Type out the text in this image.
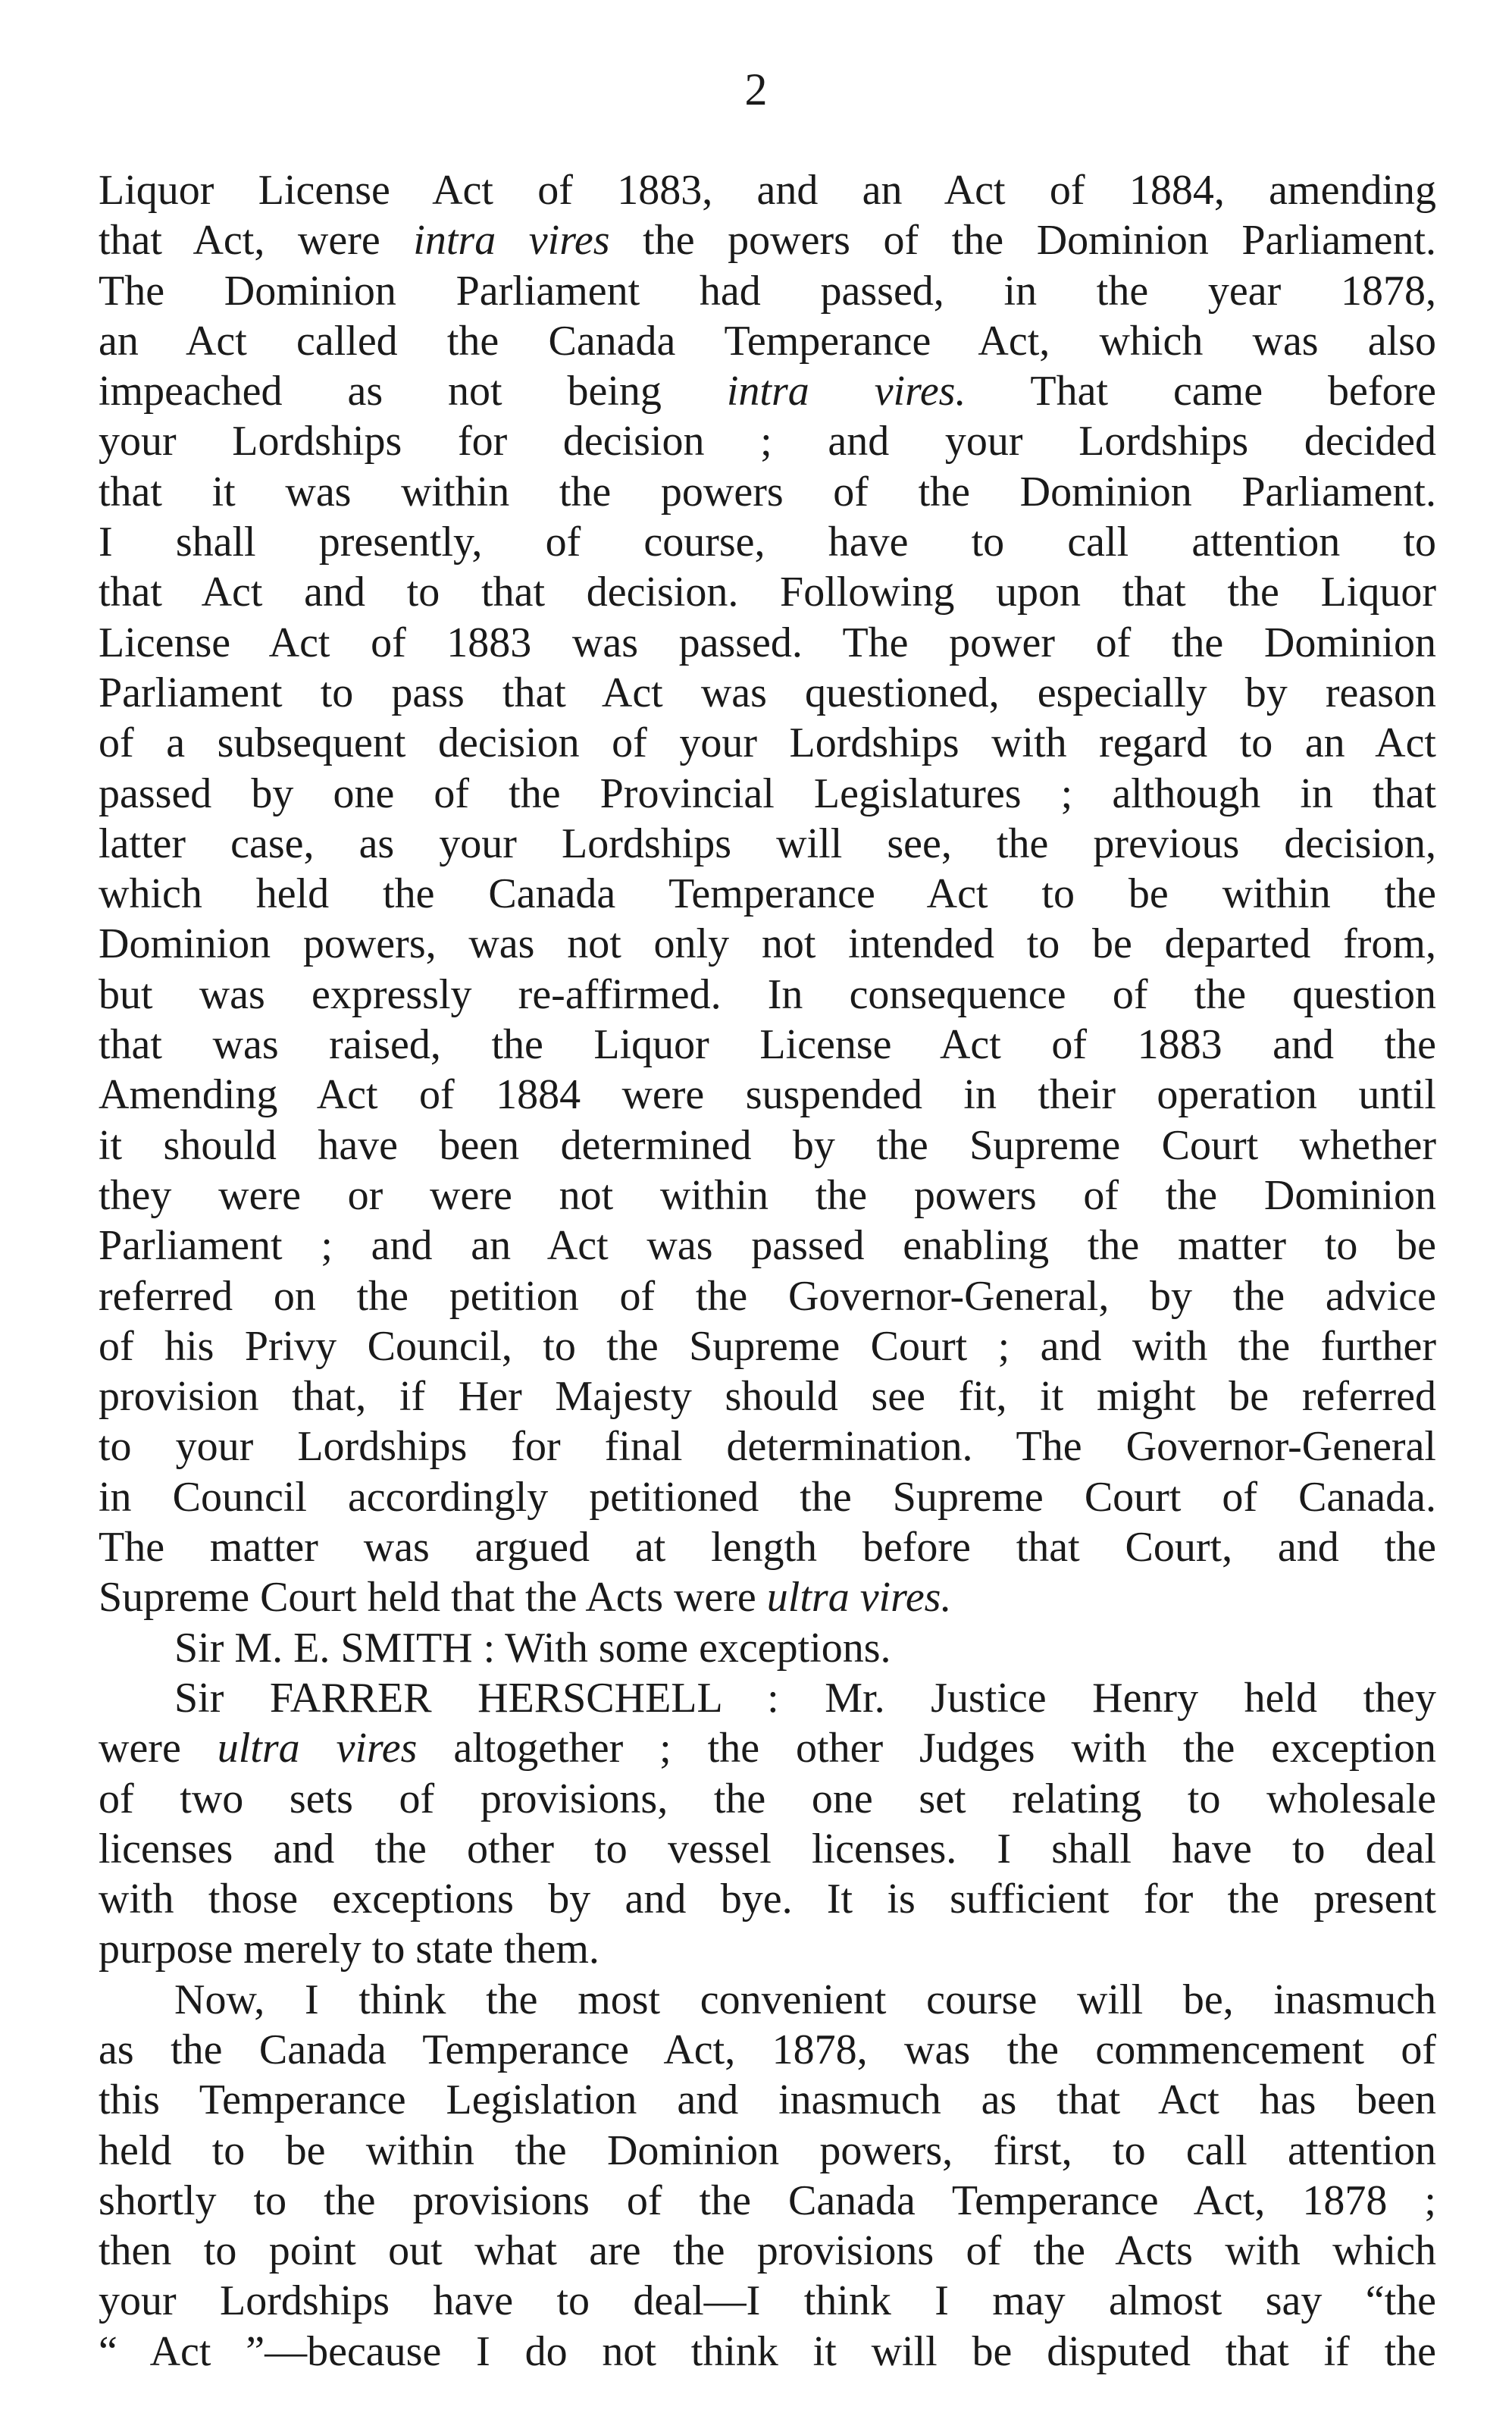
2
Liquor License Act of 1883, and an Act of 1884, amending
that Act, were intra vires the powers of the Dominion Parliament.
The Dominion Parliament had passed, in the year 1878,
an Act called the Canada Temperance Act, which was also
impeached as not being intra vires. That came before
your Lordships for decision ; and your Lordships decided
that it was within the powers of the Dominion Parliament.
I shall presently, of course, have to call attention to
that Act and to that decision. Following upon that the Liquor
License Act of 1883 was passed. The power of the Dominion
Parliament to pass that Act was questioned, especially by reason
of a subsequent decision of your Lordships with regard to an Act
passed by one of the Provincial Legislatures ; although in that
latter case, as your Lordships will see, the previous decision,
which held the Canada Temperance Act to be within the
Dominion powers, was not only not intended to be departed from,
but was expressly re-affirmed. In consequence of the question
that was raised, the Liquor License Act of 1883 and the
Amending Act of 1884 were suspended in their operation until
it should have been determined by the Supreme Court whether
they were or were not within the powers of the Dominion
Parliament ; and an Act was passed enabling the matter to be
referred on the petition of the Governor-General, by the advice
of his Privy Council, to the Supreme Court ; and with the further
provision that, if Her Majesty should see fit, it might be referred
to your Lordships for final determination. The Governor-General
in Council accordingly petitioned the Supreme Court of Canada.
The matter was argued at length before that Court, and the
Supreme Court held that the Acts were ultra vires.
Sir M. E. SMITH : With some exceptions.
Sir FARRER HERSCHELL : Mr. Justice Henry held they
were ultra vires altogether ; the other Judges with the exception
of two sets of provisions, the one set relating to wholesale
licenses and the other to vessel licenses. I shall have to deal
with those exceptions by and bye. It is sufficient for the present
purpose merely to state them.
Now, I think the most convenient course will be, inasmuch
as the Canada Temperance Act, 1878, was the commencement of
this Temperance Legislation and inasmuch as that Act has been
held to be within the Dominion powers, first, to call attention
shortly to the provisions of the Canada Temperance Act, 1878 ;
then to point out what are the provisions of the Acts with which
your Lordships have to deal—I think I may almost say “the
“ Act ”—because I do not think it will be disputed that if the
